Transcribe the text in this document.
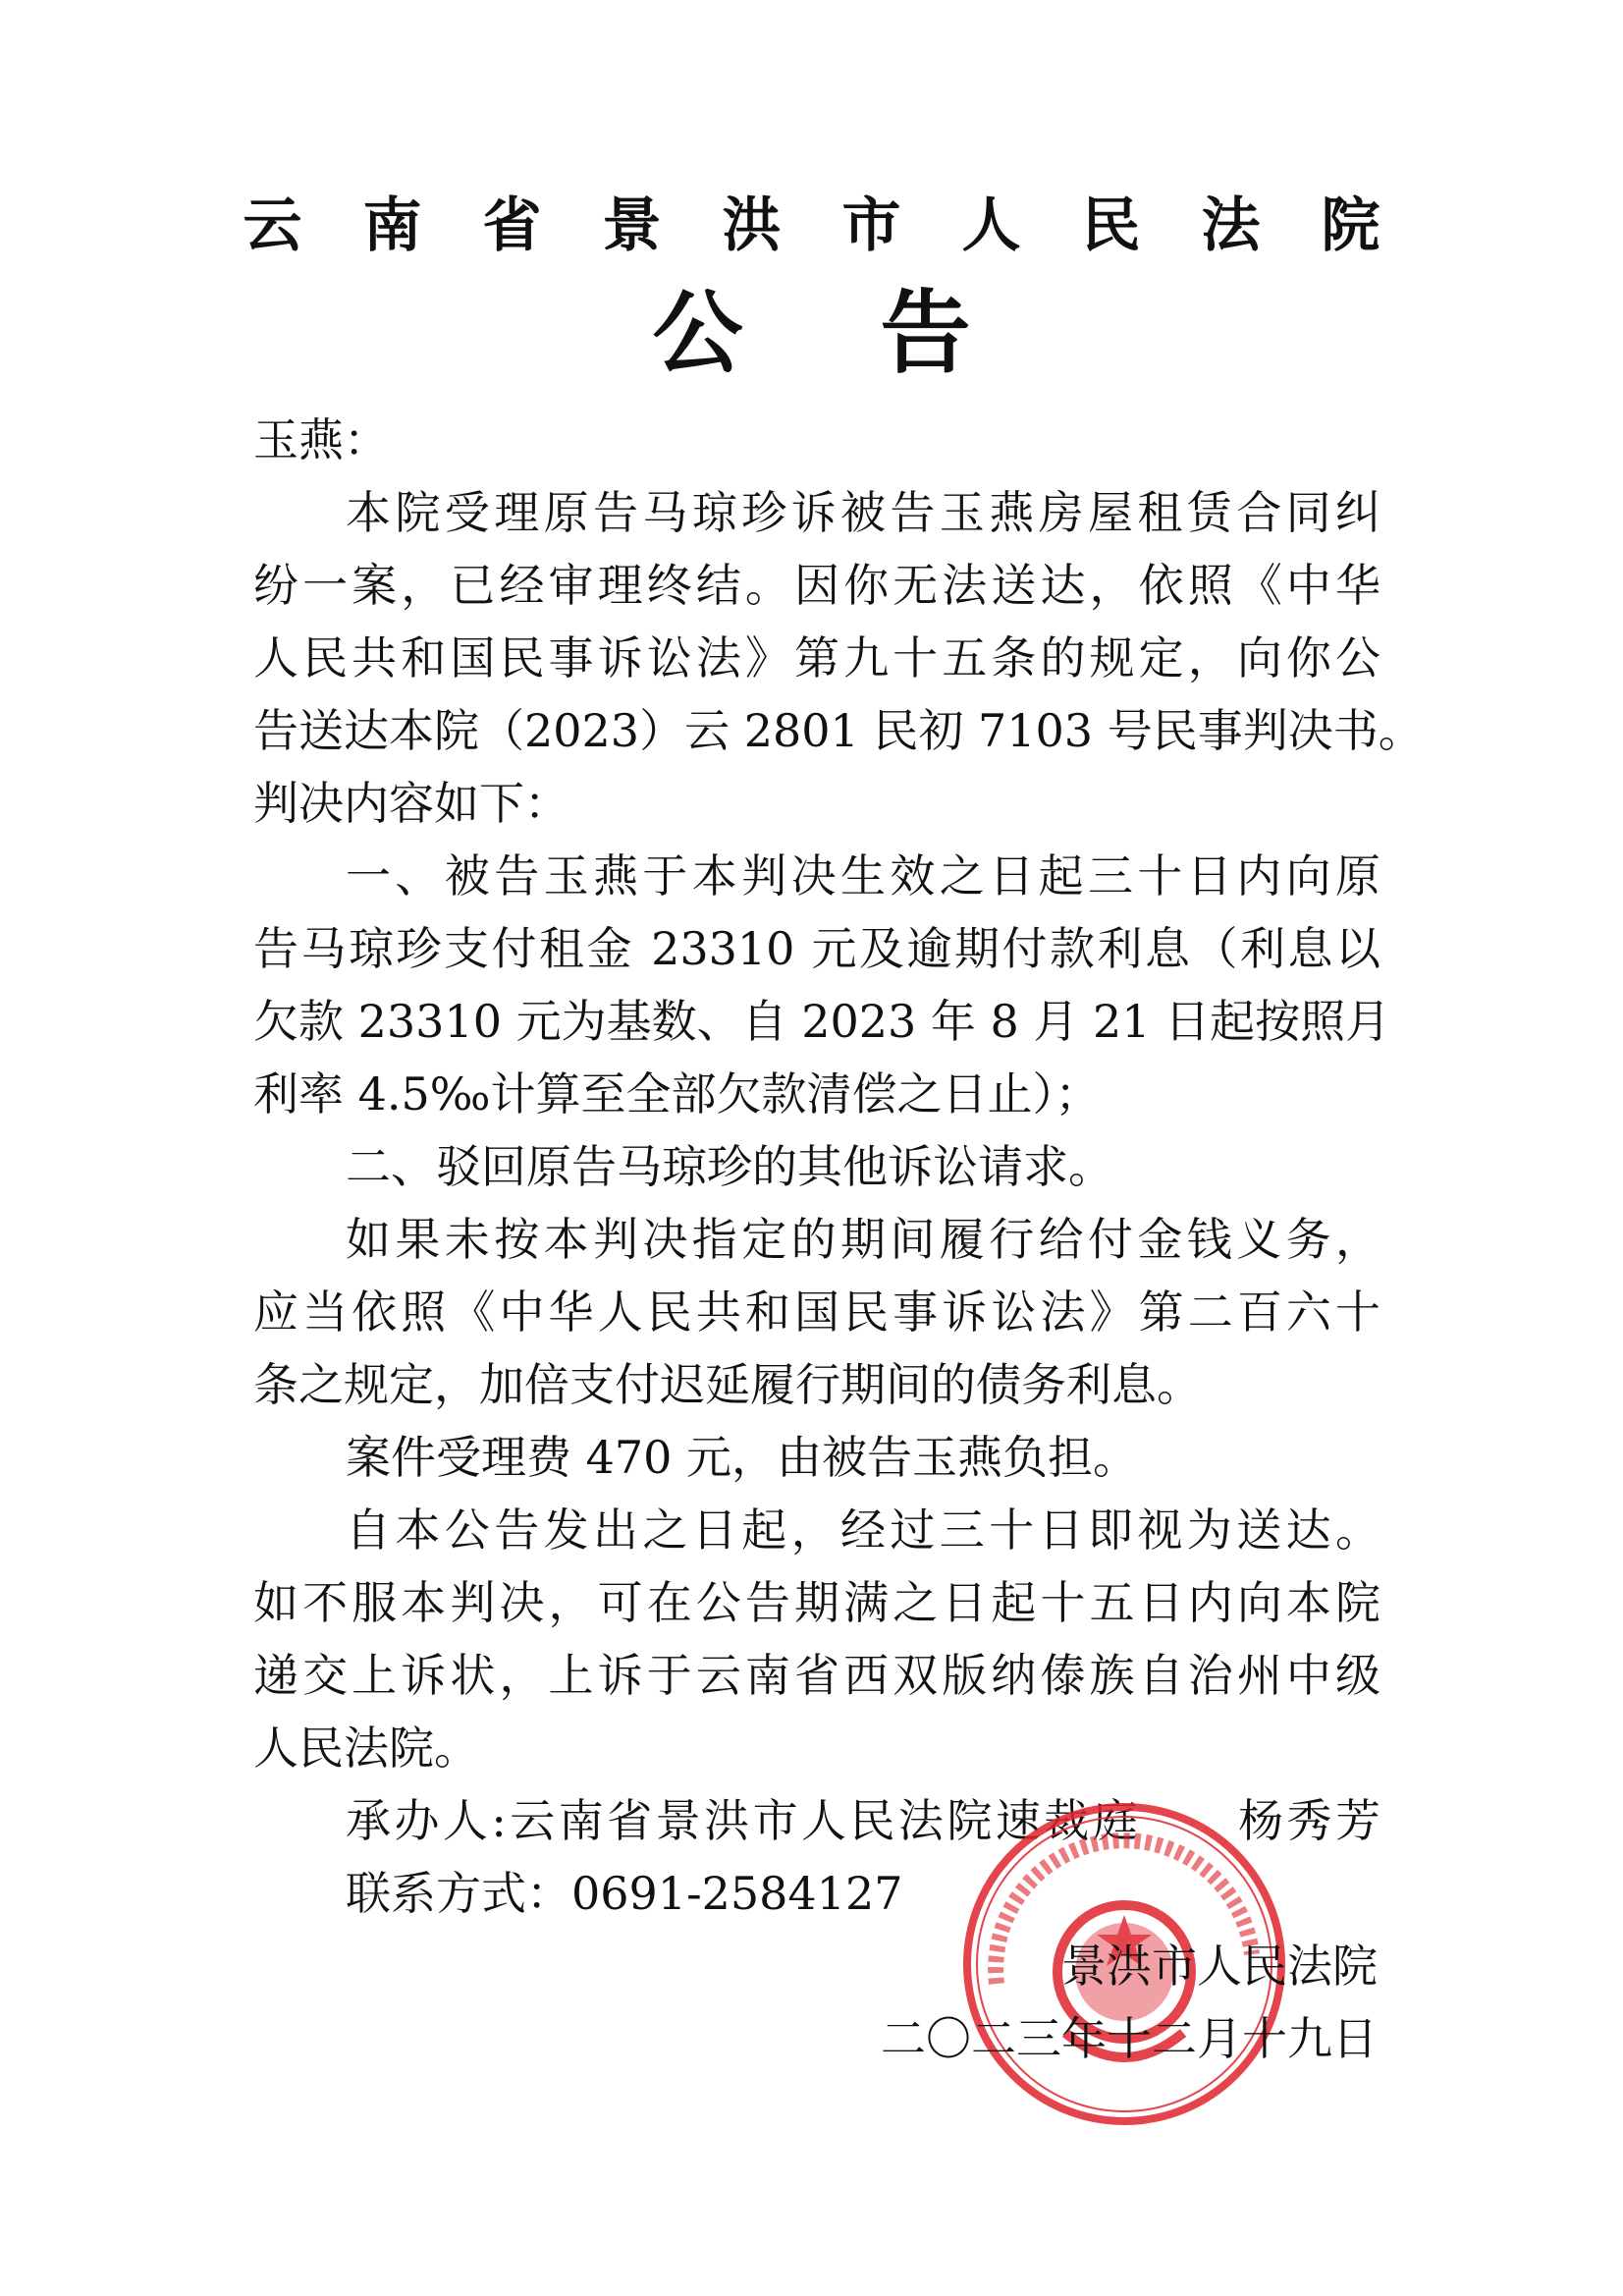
云南省景洪市人民法院
公告
玉燕：
本院受理原告马琼珍诉被告玉燕房屋租赁合同纠
纷一案，已经审理终结。因你无法送达，依照《中华
人民共和国民事诉讼法》第九十五条的规定，向你公
告送达本院（2023）云 2801 民初 7103 号民事判决书。
判决内容如下：
一、被告玉燕于本判决生效之日起三十日内向原
告马琼珍支付租金 23310 元及逾期付款利息（利息以
欠款 23310 元为基数、自 2023 年 8 月 21 日起按照月
利率 4.5‰计算至全部欠款清偿之日止）；
二、驳回原告马琼珍的其他诉讼请求。
如果未按本判决指定的期间履行给付金钱义务，
应当依照《中华人民共和国民事诉讼法》第二百六十
条之规定，加倍支付迟延履行期间的债务利息。
案件受理费 470 元，由被告玉燕负担。
自本公告发出之日起，经过三十日即视为送达。
如不服本判决，可在公告期满之日起十五日内向本院
递交上诉状，上诉于云南省西双版纳傣族自治州中级
人民法院。
承办人:云南省景洪市人民法院速裁庭　　杨秀芳
联系方式：0691-2584127
景洪市人民法院
二〇二三年十二月十九日
